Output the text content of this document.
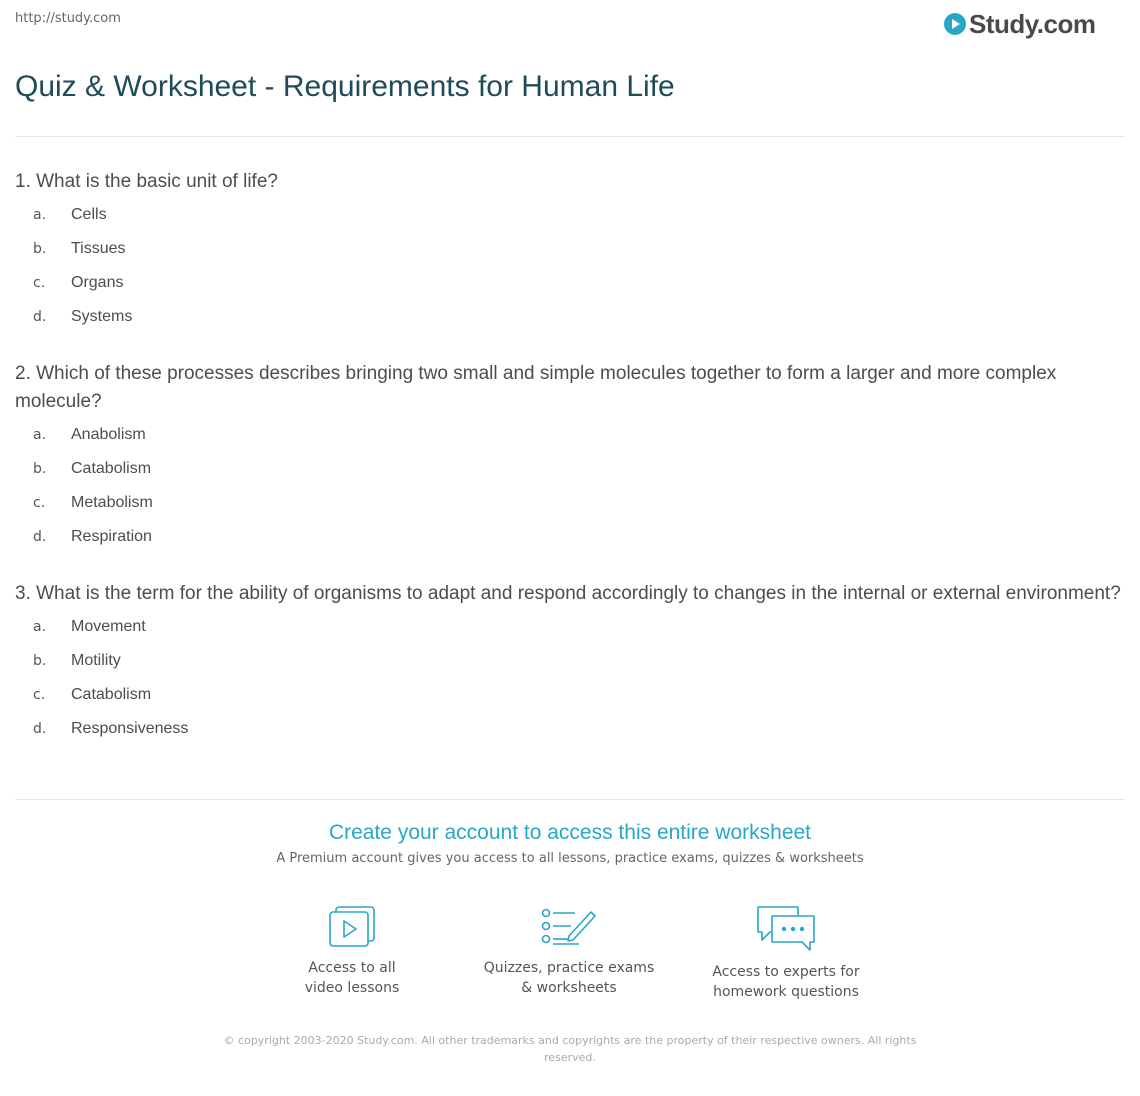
http://study.com	Study.com
Quiz & Worksheet - Requirements for Human Life
1. What is the basic unit of life?
a.	Cells
b.	Tissues
c.	Organs
d.	Systems
2. Which of these processes describes bringing two small and simple molecules together to form a larger and more complex molecule?
a.	Anabolism
b.	Catabolism
c.	Metabolism
d.	Respiration
3. What is the term for the ability of organisms to adapt and respond accordingly to changes in the internal or external environment?
a.	Movement
b.	Motility
c.	Catabolism
d.	Responsiveness
Create your account to access this entire worksheet
A Premium account gives you access to all lessons, practice exams, quizzes & worksheets
Access to all
video lessons
Quizzes, practice exams
& worksheets
Access to experts for
homework questions
© copyright 2003-2020 Study.com. All other trademarks and copyrights are the property of their respective owners. All rights reserved.
